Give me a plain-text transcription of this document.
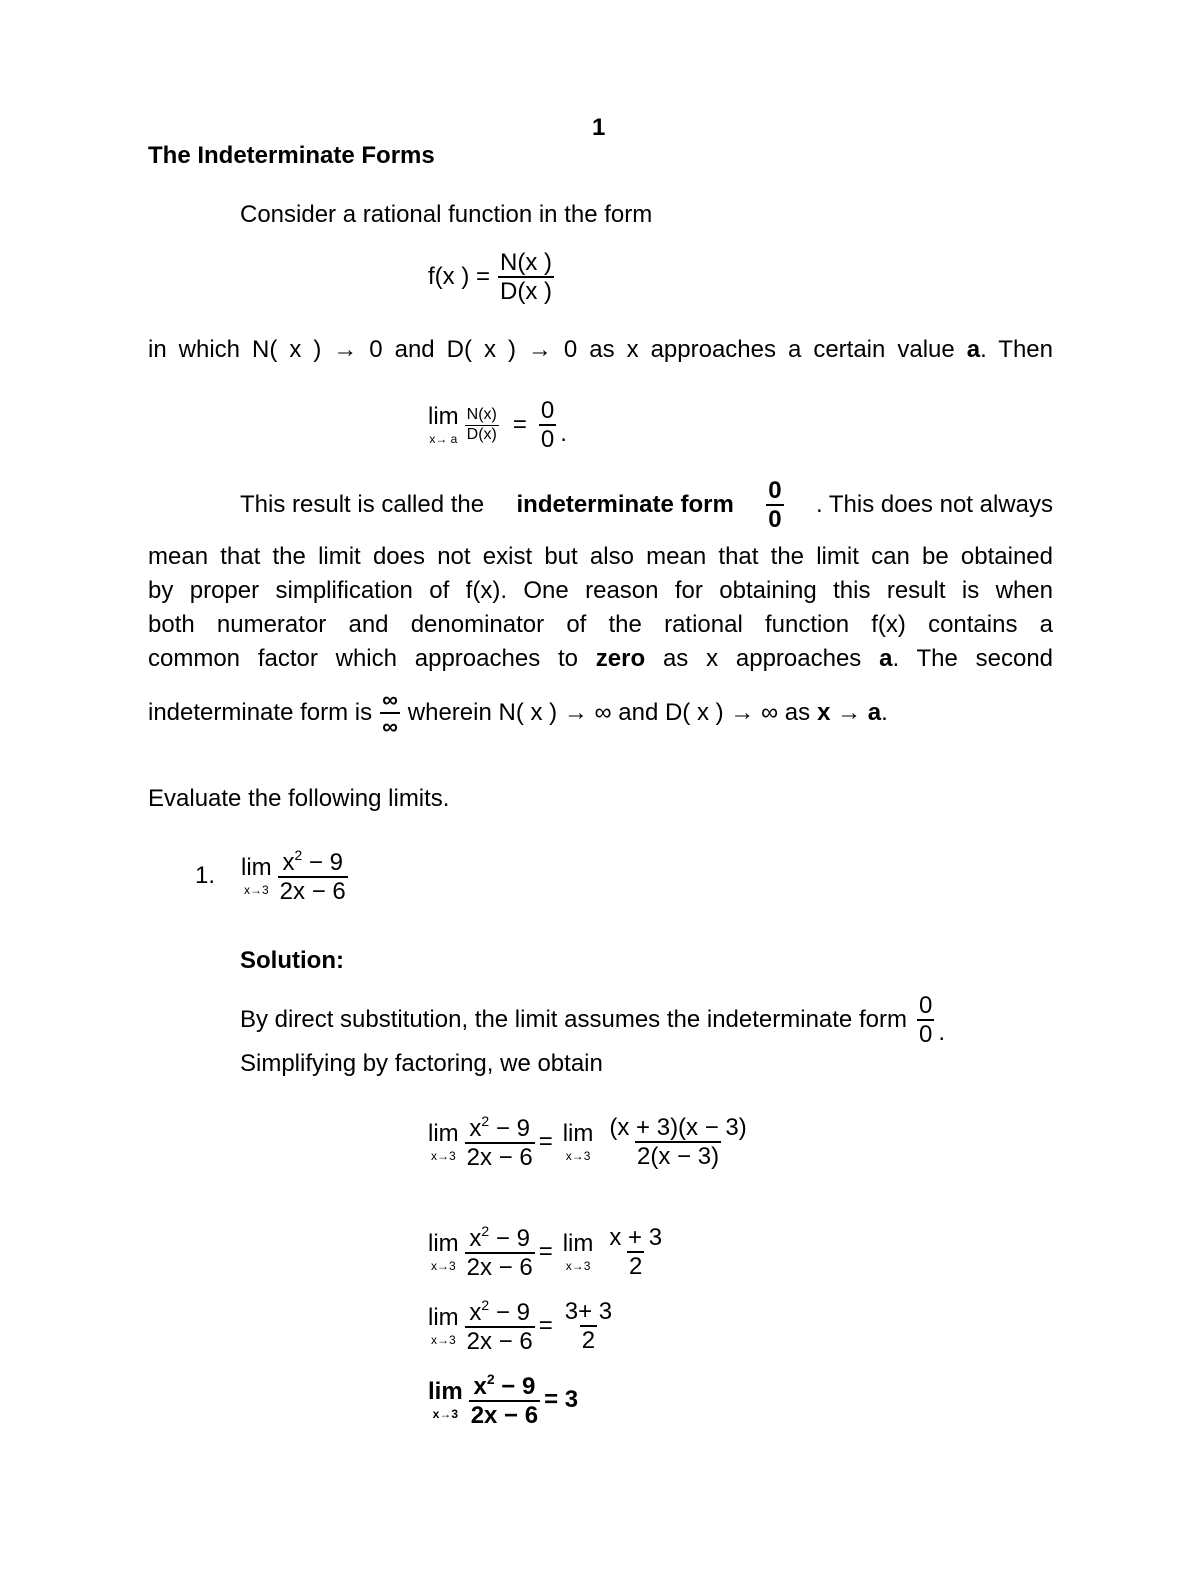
1
The Indeterminate Forms
Consider a rational function in the form
f(x ) = $\frac{N(x )}{D(x )}$
in which N( x ) → 0 and D( x ) → 0 as x approaches a certain value a. Then
lim
x→ a $\frac{N(x)}{D(x)} = \frac{0}{0}$ .
This result is called the indeterminate form $\frac{0}{0}$ . This does not always
mean that the limit does not exist but also mean that the limit can be obtained
by proper simplification of f(x). One reason for obtaining this result is when
both numerator and denominator of the rational function f(x) contains a
common factor which approaches to zero as x approaches a. The second
indeterminate form is $\frac{\infty}{\infty}$ wherein N( x ) → ∞ and D( x ) → ∞ as x → a .
Evaluate the following limits.
1. lim
$x\to 3 \frac{x^2 - 9}{2x - 6}$
Solution:
By direct substitution, the limit assumes the indeterminate form $\frac{0}{0}$ .
Simplifying by factoring, we obtain
lim
$x\to 3 \frac{x^2 - 9}{2x - 6} = \lim$
$x\to 3 \frac{(x + 3)(x - 3)}{2(x - 3)}$
lim
$x\to 3 \frac{x^2 - 9}{2x - 6} = \lim$
$x\to 3 \frac{x + 3}{2}$
lim
$x\to 3 \frac{x^2 - 9}{2x - 6} = \frac{3+ 3}{2}$
lim
$x\to 3 \frac{x^2 - 9}{2x - 6} = 3$
